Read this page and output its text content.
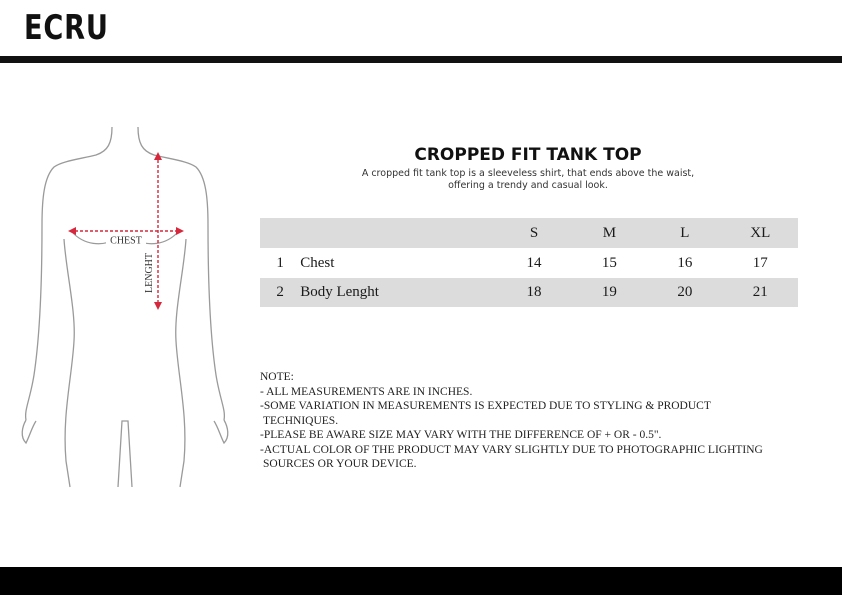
ECRU
CHEST
LENGHT
CROPPED FIT TANK TOP
A cropped fit tank top is a sleeveless shirt, that ends above the waist,
offering a trendy and casual look.
		S	M	L	XL
1	Chest	14	15	16	17
2	Body Lenght	18	19	20	21
NOTE:
- ALL MEASUREMENTS ARE IN INCHES.
-SOME VARIATION IN MEASUREMENTS IS EXPECTED DUE TO STYLING & PRODUCT
TECHNIQUES.
-PLEASE BE AWARE SIZE MAY VARY WITH THE DIFFERENCE OF + OR - 0.5".
-ACTUAL COLOR OF THE PRODUCT MAY VARY SLIGHTLY DUE TO PHOTOGRAPHIC LIGHTING
SOURCES OR YOUR DEVICE.
